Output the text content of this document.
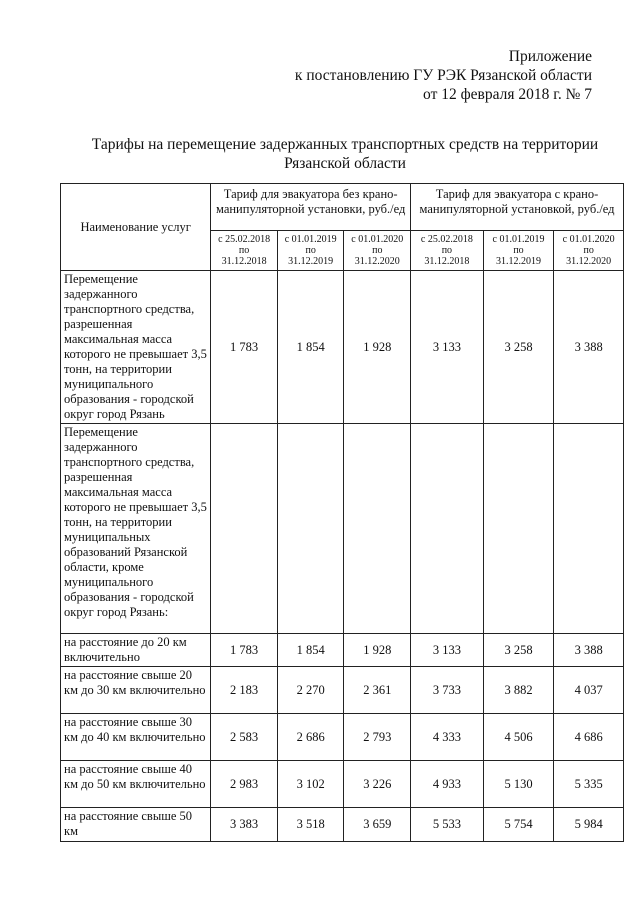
Приложение
к постановлению ГУ РЭК Рязанской области
от 12 февраля 2018 г. № 7
Тарифы на перемещение задержанных транспортных средств на территории
Рязанской области
Наименование услуг	Тариф для эвакуатора без крано-манипуляторной установки, руб./ед			Тариф для эвакуатора с крано-манипуляторной установкой, руб./ед		

	с 25.02.2018
по
31.12.2018	с 01.01.2019
по
31.12.2019	с 01.01.2020
по
31.12.2020	с 25.02.2018
по
31.12.2018	с 01.01.2019
по
31.12.2019	с 01.01.2020
по
31.12.2020

Перемещение задержанного транспортного средства, разрешенная максимальная масса которого не превышает 3,5 тонн, на территории муниципального образования - городской округ город Рязань	1 783	1 854	1 928	3 133	3 258	3 388
Перемещение задержанного транспортного средства, разрешенная максимальная масса которого не превышает 3,5 тонн, на территории муниципальных образований Рязанской области, кроме муниципального образования - городской округ город Рязань:						
на расстояние до 20 км включительно	1 783	1 854	1 928	3 133	3 258	3 388
на расстояние свыше 20 км до 30 км включительно	2 183	2 270	2 361	3 733	3 882	4 037
на расстояние свыше 30 км до 40 км включительно	2 583	2 686	2 793	4 333	4 506	4 686
на расстояние свыше 40 км до 50 км включительно	2 983	3 102	3 226	4 933	5 130	5 335
на расстояние свыше 50 км	3 383	3 518	3 659	5 533	5 754	5 984
